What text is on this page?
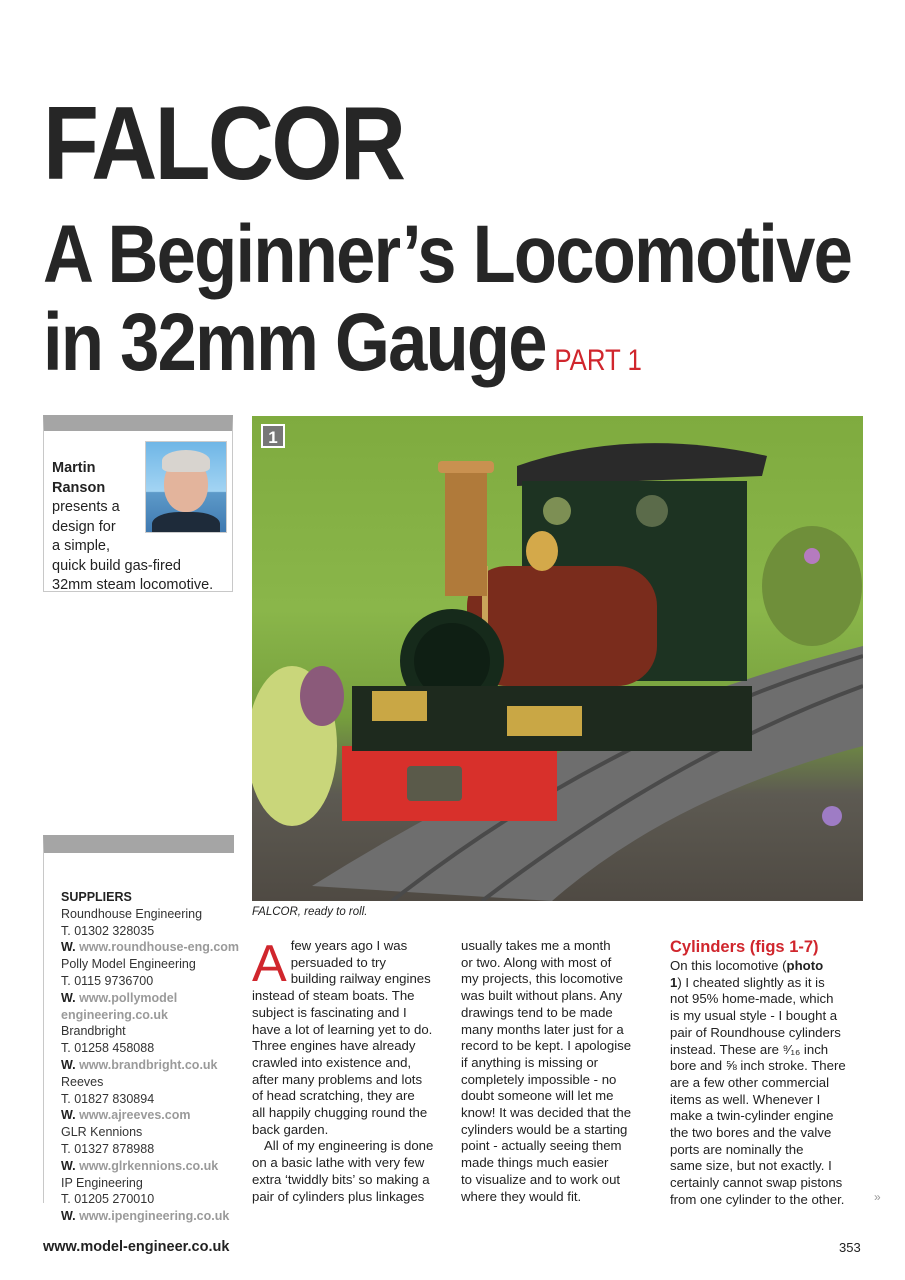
FALCOR
A Beginner’s Locomotive
in 32mm Gauge PART 1
Martin
Ranson
presents a
design for
a simple,
quick build gas-fired
32mm steam locomotive.
1
FALCOR, ready to roll.
SUPPLIERS
Roundhouse Engineering
T. 01302 328035
W. www.roundhouse-eng.com
Polly Model Engineering
T. 0115 9736700
W. www.pollymodel
engineering.co.uk
Brandbright
T. 01258 458088
W. www.brandbright.co.uk
Reeves
T. 01827 830894
W. www.ajreeves.com
GLR Kennions
T. 01327 878988
W. www.glrkennions.co.uk
IP Engineering
T. 01205 270010
W. www.ipengineering.co.uk
A few years ago I was
persuaded to try
building railway engines
instead of steam boats. The
subject is fascinating and I
have a lot of learning yet to do.
Three engines have already
crawled into existence and,
after many problems and lots
of head scratching, they are
all happily chugging round the
back garden.
All of my engineering is done
on a basic lathe with very few
extra ‘twiddly bits’ so making a
pair of cylinders plus linkages
usually takes me a month
or two. Along with most of
my projects, this locomotive
was built without plans. Any
drawings tend to be made
many months later just for a
record to be kept. I apologise
if anything is missing or
completely impossible - no
doubt someone will let me
know! It was decided that the
cylinders would be a starting
point - actually seeing them
made things much easier
to visualize and to work out
where they would fit.
Cylinders (figs 1-7)
On this locomotive (photo
1) I cheated slightly as it is
not 95% home-made, which
is my usual style - I bought a
pair of Roundhouse cylinders
instead. These are ⁹⁄₁₆ inch
bore and ⅝ inch stroke. There
are a few other commercial
items as well. Whenever I
make a twin-cylinder engine
the two bores and the valve
ports are nominally the
same size, but not exactly. I
certainly cannot swap pistons
from one cylinder to the other.	»
www.model-engineer.co.uk	353
